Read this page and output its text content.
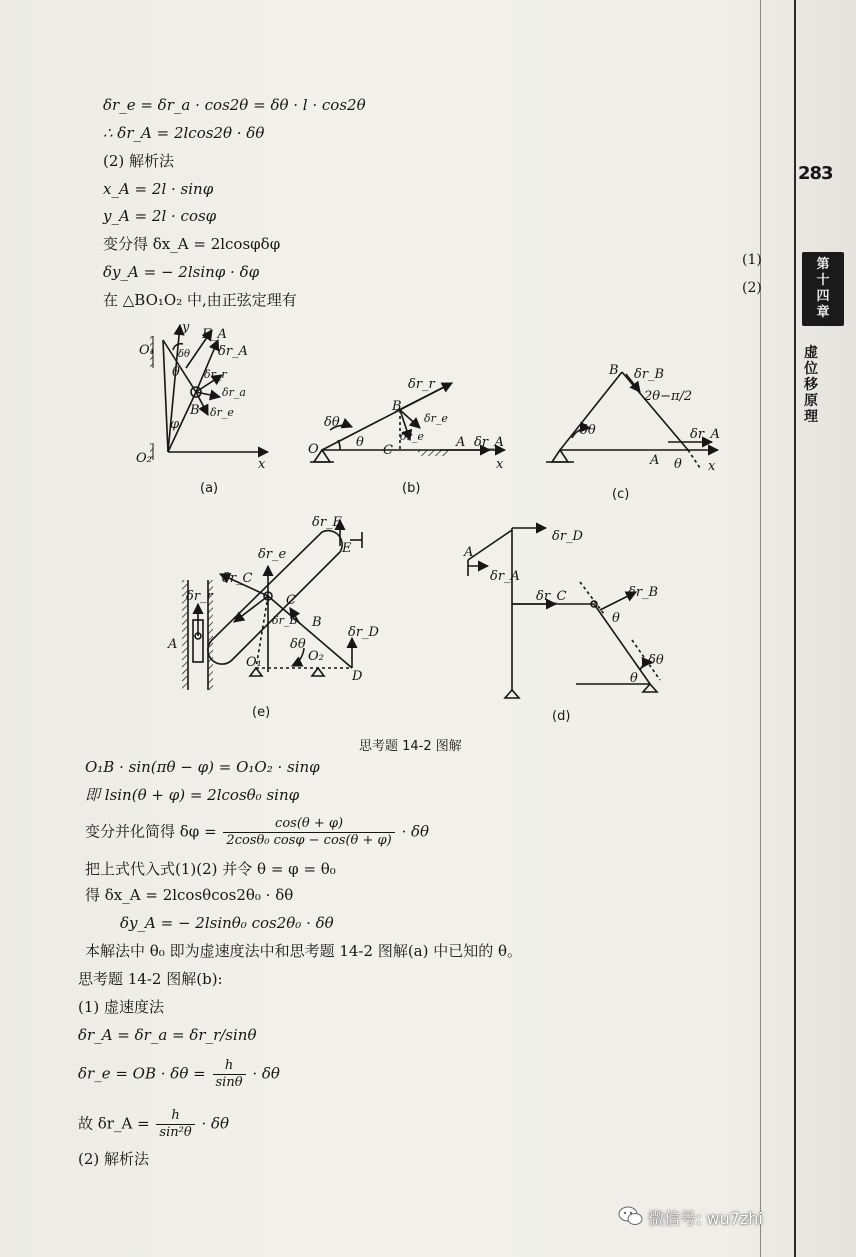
283
第十四章
虚位移原理
δr_e = δr_a · cos2θ = δθ · l · cos2θ
∴ δr_A = 2lcos2θ · δθ
(2) 解析法
x_A = 2l · sinφ
y_A = 2l · cosφ
变分得 δx_A = 2lcosφδφ
δy_A = − 2lsinφ · δφ
在 △BO₁O₂ 中,由正弦定理有
(1)
(2)
O₁
y F_A
δr_A
δθ
θ δr_r
δr_a
B δr_e
φ
O₂	x
(a)
δr_r
B
δr_e
δθ
δr_e
O	θ
C
A δr_A
x
(b)
B δr_B
2θ−π/2
δθ	δr_A
A θ x
(c)
δr_E
E
δr_e
δr_C
δr_r	C
A
δr_B B
δr_D
δθ
O₁	O₂
D
(e)
δr_D
A
δr_A
δr_C	δr_B
θ
δθ
θ
(d)
思考题 14-2 图解
O₁B · sin(πθ − φ) = O₁O₂ · sinφ
即 lsin(θ + φ) = 2lcosθ₀ sinφ
变分并化简得 $\delta\varphi = \frac{\cos(\theta + \varphi)}{\text{2cosθ₀ cosφ − cos(θ + φ)}} \cdot \delta\theta$
把上式代入式(1)(2) 并令 θ = φ = θ₀
得 δx_A = 2lcosθcos2θ₀ · δθ
δy_A = − 2lsinθ₀ cos2θ₀ · δθ
本解法中 θ₀ 即为虚速度法中和思考题 14-2 图解(a) 中已知的 θ。
思考题 14-2 图解(b):
(1) 虚速度法
δr_A = δr_a = δr_r/sinθ
δr_e = OB · $\delta\theta = \frac{h}{\sin\theta} \cdot \delta\theta$
故 δr_A = $\frac{h}{\text{sin²θ}} \cdot \delta\theta$
(2) 解析法
微信号: wu7zhi
